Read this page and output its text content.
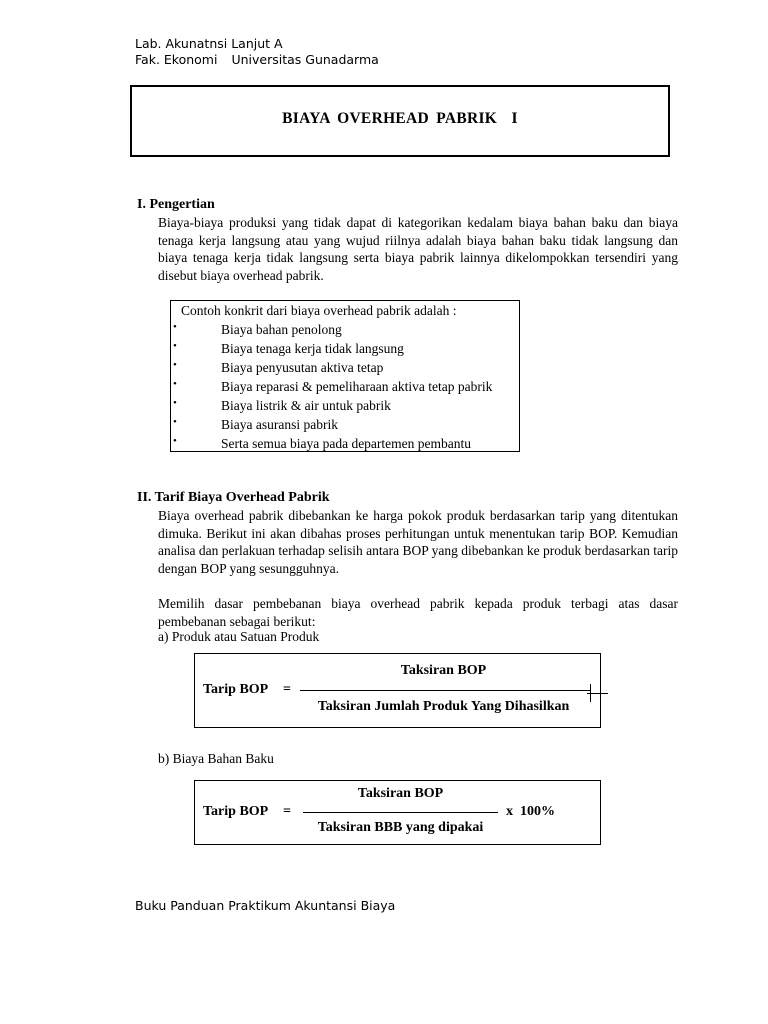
Lab. Akunatnsi Lanjut A
Fak. Ekonomi Universitas Gunadarma
BIAYA OVERHEAD PABRIK  I
I. Pengertian

Biaya-biaya produksi yang tidak dapat di kategorikan kedalam biaya bahan baku dan biaya tenaga kerja langsung atau yang wujud riilnya adalah biaya bahan baku tidak langsung dan biaya tenaga kerja tidak langsung serta biaya pabrik lainnya dikelompokkan tersendiri yang disebut biaya overhead pabrik.

Contoh konkrit dari biaya overhead pabrik adalah :
•	Biaya bahan penolong
•	Biaya tenaga kerja tidak langsung
•	Biaya penyusutan aktiva tetap
•	Biaya reparasi & pemeliharaan aktiva tetap pabrik
•	Biaya listrik & air untuk pabrik
•	Biaya asuransi pabrik
•	Serta semua biaya pada departemen pembantu
II. Tarif Biaya Overhead Pabrik

Biaya overhead pabrik dibebankan ke harga pokok produk berdasarkan tarip yang ditentukan dimuka. Berikut ini akan dibahas proses perhitungan untuk menentukan tarip BOP. Kemudian analisa dan perlakuan terhadap selisih antara BOP yang dibebankan ke produk berdasarkan tarip dengan BOP yang sesungguhnya.

Memilih dasar pembebanan biaya overhead pabrik kepada produk terbagi atas dasar pembebanan sebagai berikut:

a) Produk atau Satuan Produk
Tarip BOP =
Taksiran BOP
Taksiran Jumlah Produk Yang Dihasilkan
b) Biaya Bahan Baku
Tarip BOP =
Taksiran BOP
Taksiran BBB yang dipakai
x  100%
Buku Panduan Praktikum Akuntansi Biaya
